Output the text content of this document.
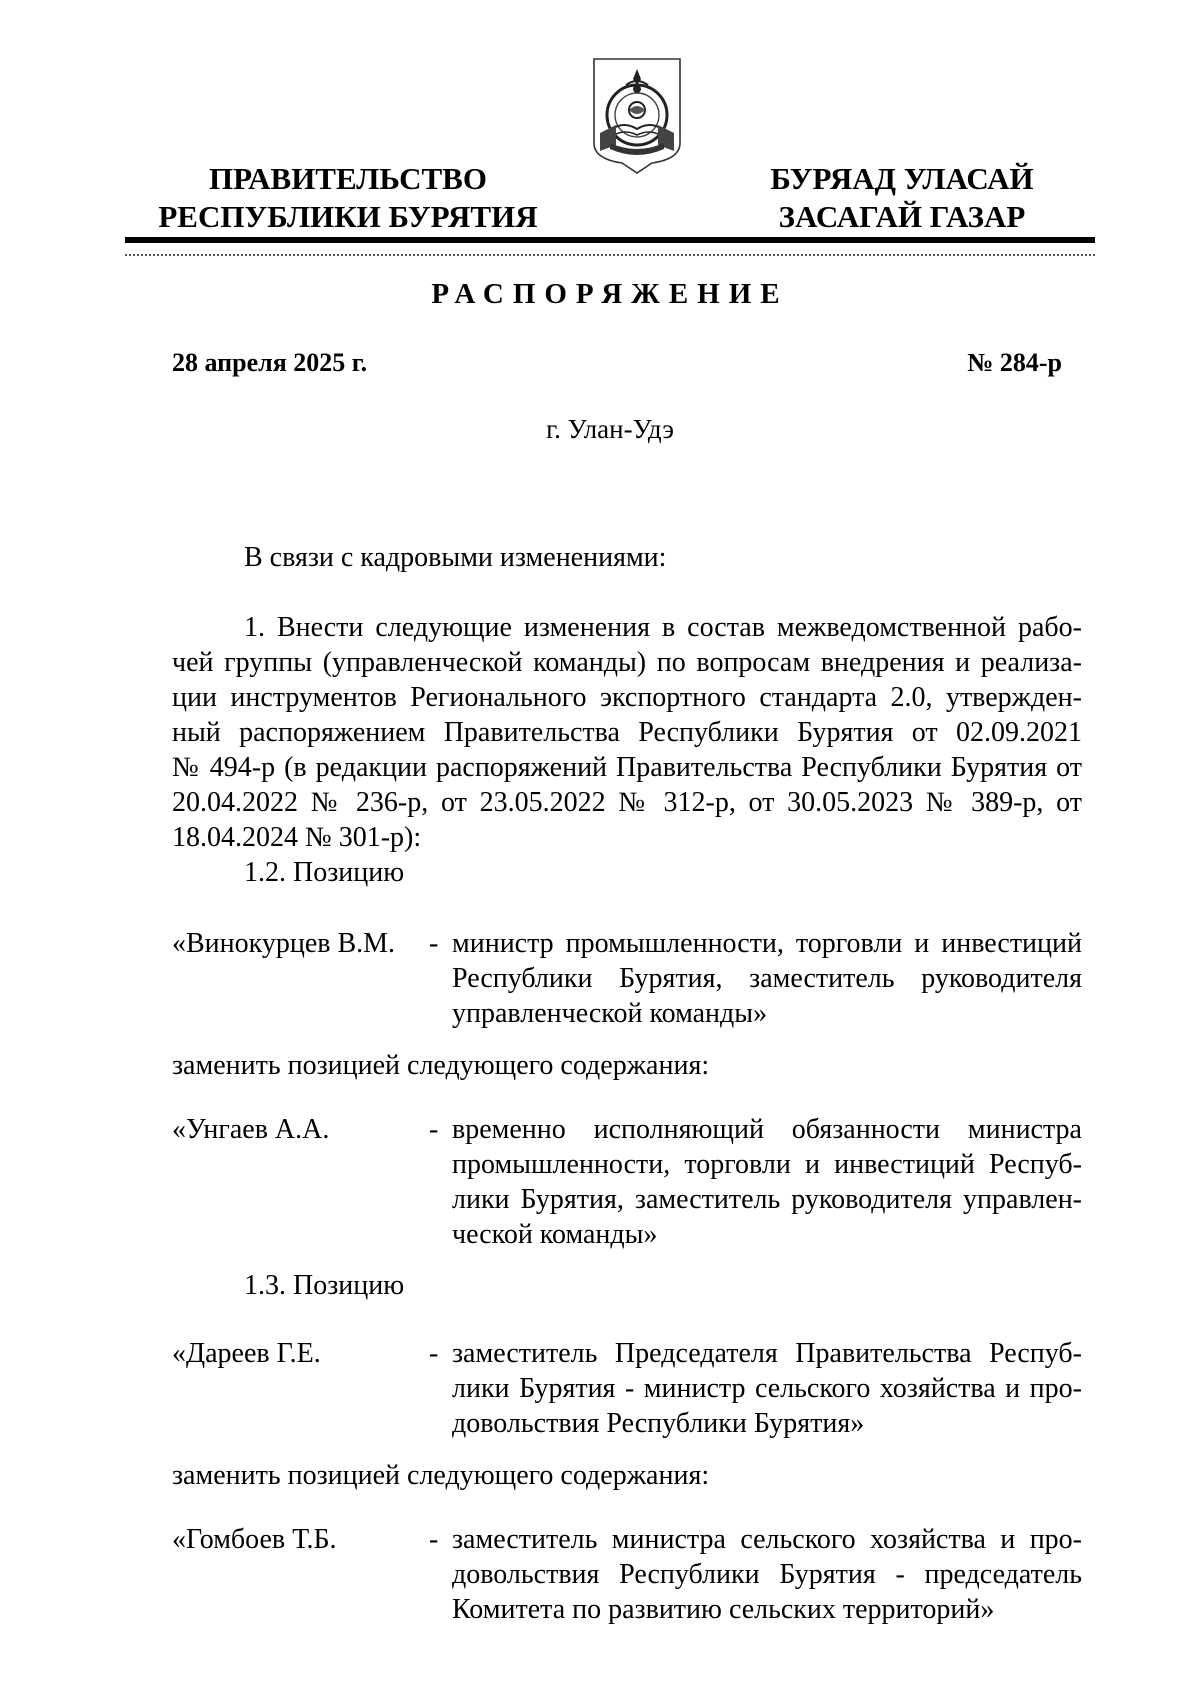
ПРАВИТЕЛЬСТВО
РЕСПУБЛИКИ БУРЯТИЯ
БУРЯАД УЛАСАЙ
ЗАСАГАЙ ГАЗАР
РАСПОРЯЖЕНИЕ
28 апреля 2025 г.	№ 284-р
г. Улан-Удэ
В связи с кадровыми изменениями:
1. Внести следующие изменения в состав межведомственной рабо-
чей группы (управленческой команды) по вопросам внедрения и реализа-
ции инструментов Регионального экспортного стандарта 2.0, утвержден-
ный распоряжением Правительства Республики Бурятия от 02.09.2021
№ 494-р (в редакции распоряжений Правительства Республики Бурятия от
20.04.2022 № 236-р, от 23.05.2022 № 312-р, от 30.05.2023 № 389-р, от
18.04.2024 № 301-р):
1.2. Позицию
«Винокурцев В.М.	- министр промышленности, торговли и инвестиций
Республики Бурятия, заместитель руководителя
управленческой команды»
заменить позицией следующего содержания:
«Унгаев А.А.	- временно исполняющий обязанности министра
промышленности, торговли и инвестиций Респуб-
лики Бурятия, заместитель руководителя управлен-
ческой команды»
1.3. Позицию
«Дареев Г.Е.	- заместитель Председателя Правительства Респуб-
лики Бурятия - министр сельского хозяйства и про-
довольствия Республики Бурятия»
заменить позицией следующего содержания:
«Гомбоев Т.Б.	- заместитель министра сельского хозяйства и про-
довольствия Республики Бурятия - председатель
Комитета по развитию сельских территорий»
